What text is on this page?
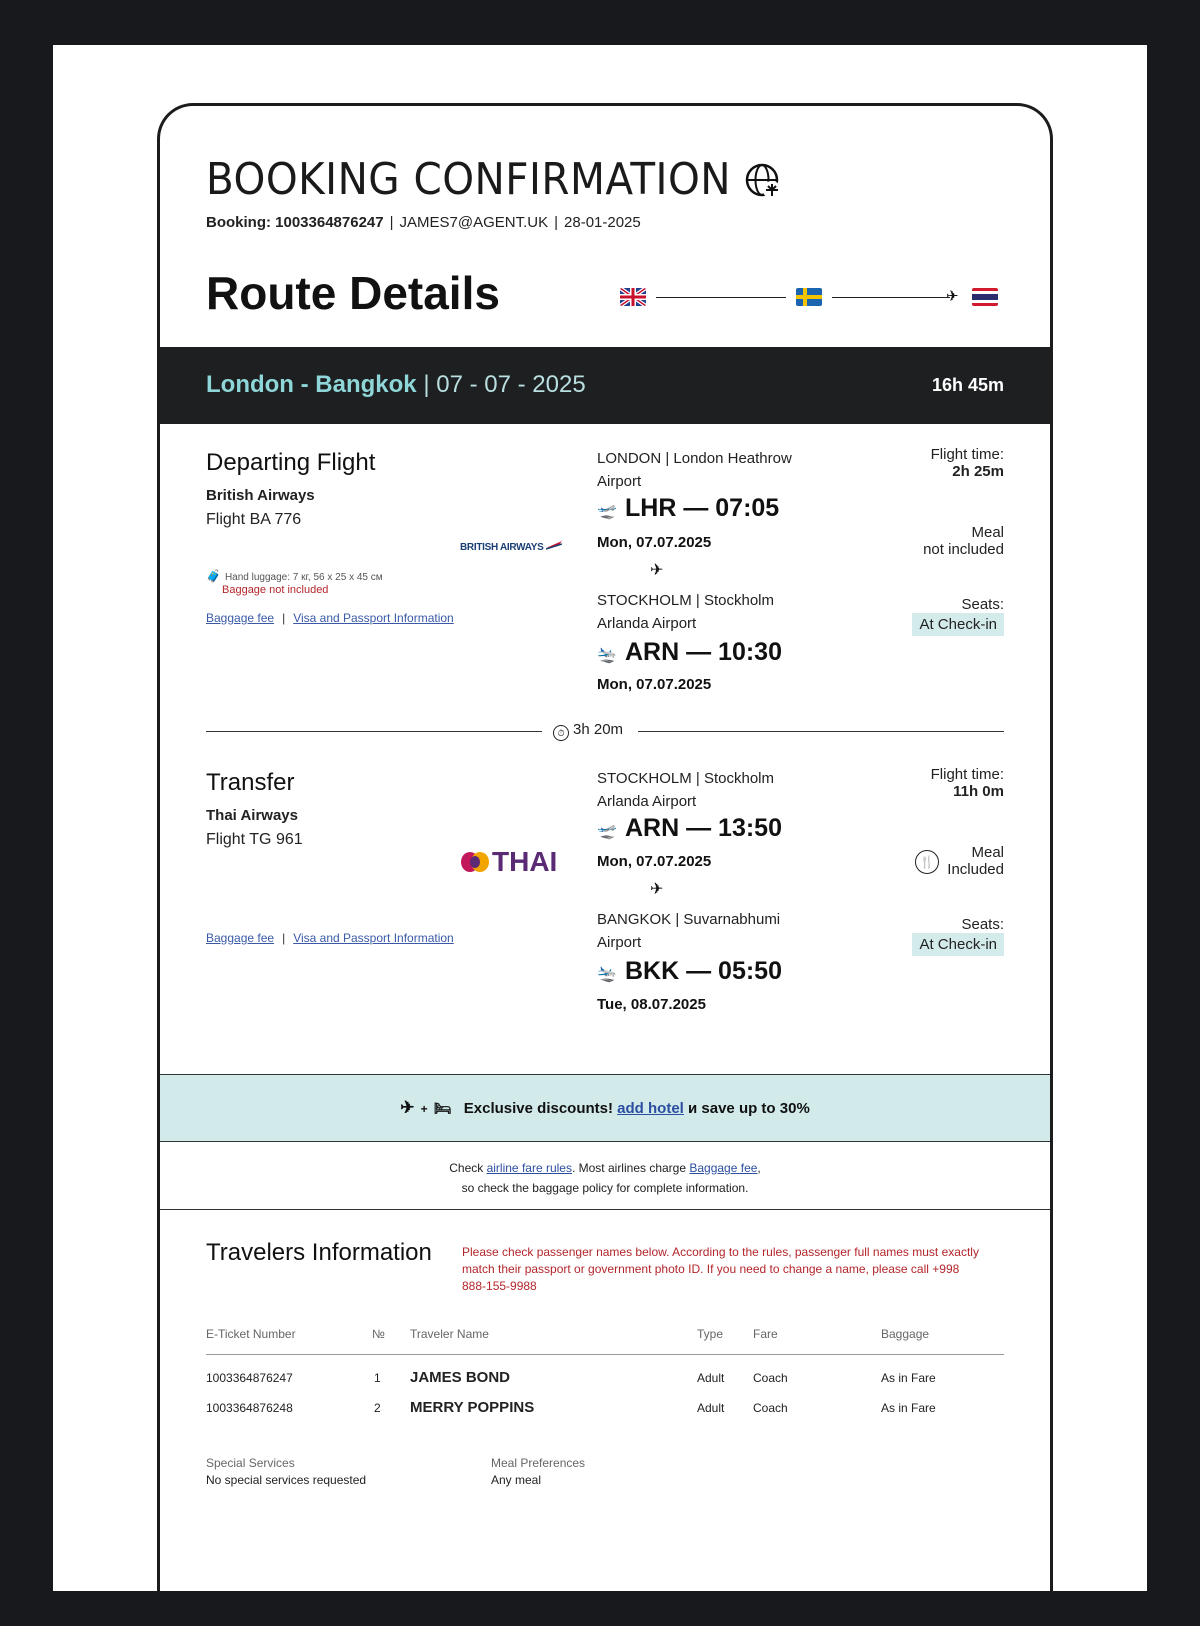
BOOKING CONFIRMATION
Booking: 1003364876247 | JAMES7@AGENT.UK | 28-01-2025
Route Details	✈
London - Bangkok | 07 - 07 - 2025	16h 45m
Departing Flight
British Airways
Flight BA 776
BRITISH AIRWAYS
🧳 Hand luggage: 7 кг, 56 x 25 x 45 см
Baggage not included
Baggage fee | Visa and Passport Information
LONDON | London Heathrow Airport
🛫 LHR — 07:05
Mon, 07.07.2025
✈
STOCKHOLM | Stockholm Arlanda Airport
🛬 ARN — 10:30
Mon, 07.07.2025
Flight time:
2h 25m
Meal
not included
Seats:
At Check-in
⏱ 3h 20m
Transfer
Thai Airways
Flight TG 961
THAI
Baggage fee | Visa and Passport Information
STOCKHOLM | Stockholm Arlanda Airport
🛫 ARN — 13:50
Mon, 07.07.2025
✈
BANGKOK | Suvarnabhumi Airport
🛬 BKK — 05:50
Tue, 08.07.2025
Flight time:
11h 0m
🍴
Meal
Included
Seats:
At Check-in
✈ + 🛏 Exclusive discounts! add hotel и save up to 30%
Check airline fare rules. Most airlines charge Baggage fee,
so check the baggage policy for complete information.
Travelers Information	Please check passenger names below. According to the rules, passenger full names must exactly match their passport or government photo ID. If you need to change a name, please call +998 888-155-9988
E-Ticket Number	№ Traveler Name	Type Fare	Baggage
1003364876247	1 JAMES BOND	Adult Coach	As in Fare
1003364876248	2 MERRY POPPINS	Adult Coach	As in Fare
Special Services
No special services requested
Meal Preferences
Any meal
